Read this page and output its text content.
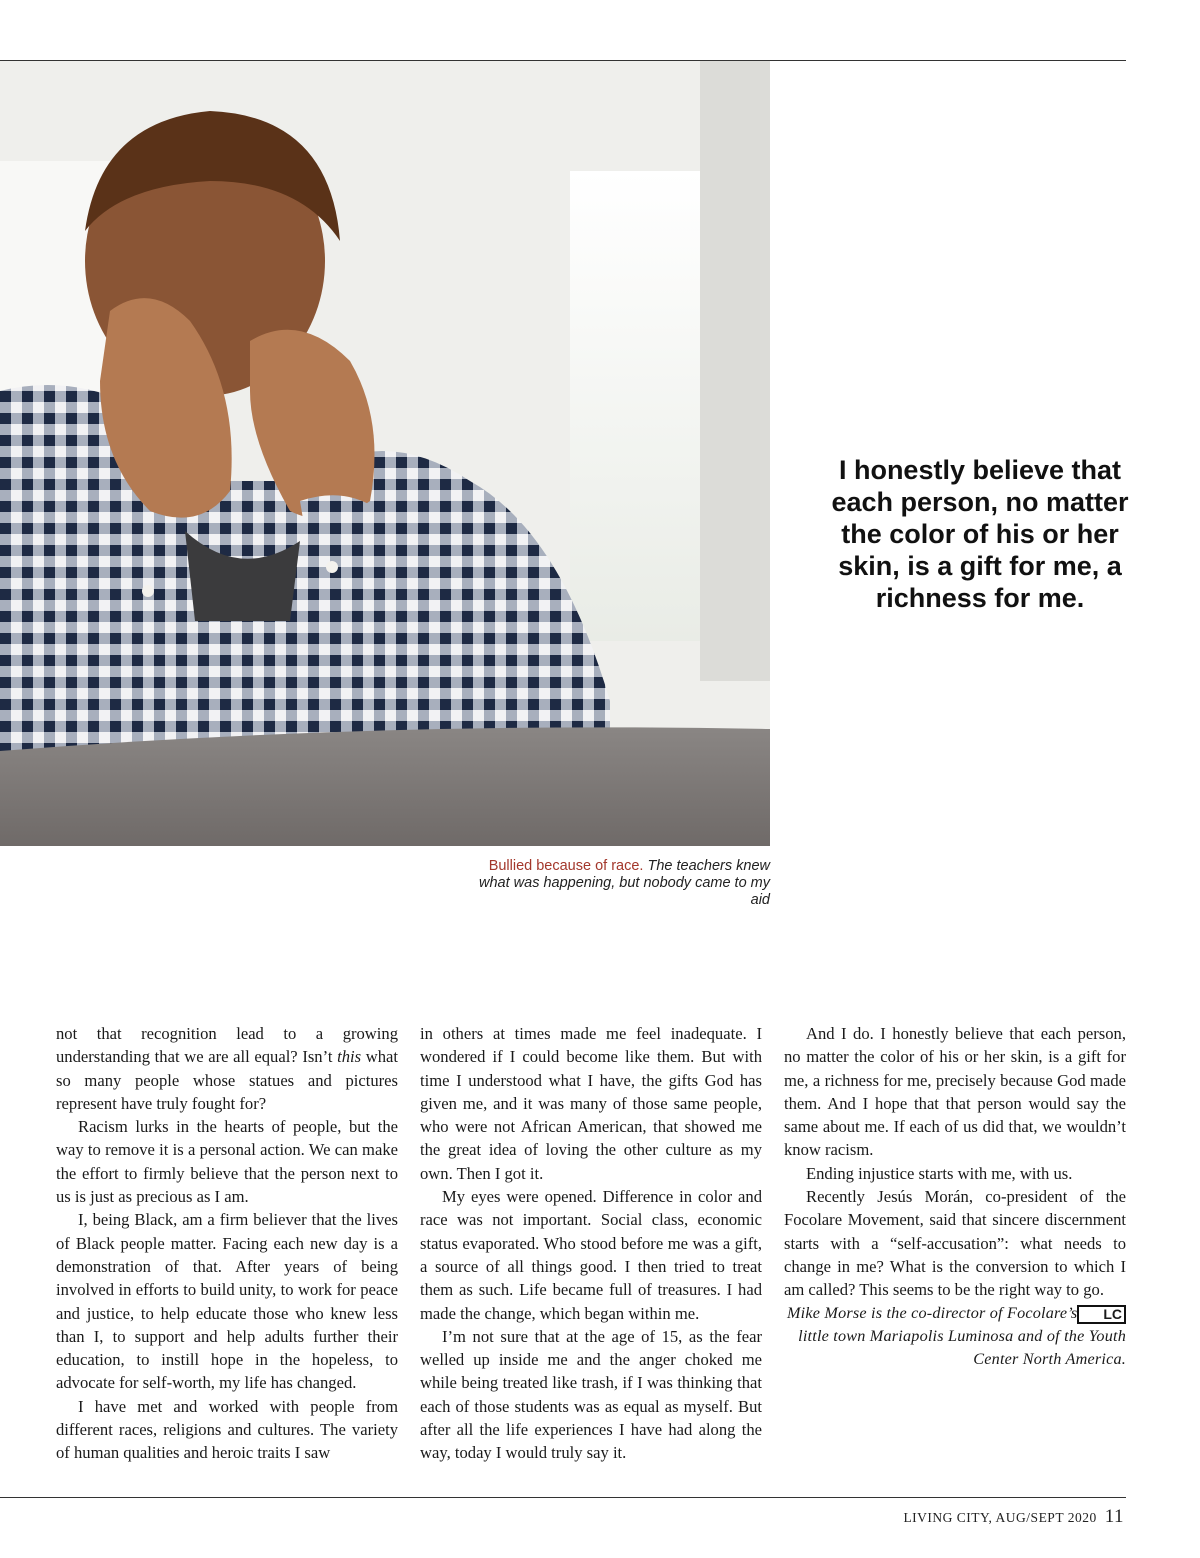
Bullied because of race. The teachers knew what was happening, but nobody came to my aid
I honestly believe that each person, no matter the color of his or her skin, is a gift for me, a richness for me.

not that recognition lead to a growing understanding that we are all equal? Isn’t this what so many people whose statues and pictures represent have truly fought for?

Racism lurks in the hearts of people, but the way to remove it is a personal action. We can make the effort to firmly believe that the person next to us is just as precious as I am.

I, being Black, am a firm believer that the lives of Black people matter. Facing each new day is a demonstration of that. After years of being involved in efforts to build unity, to work for peace and justice, to help educate those who knew less than I, to support and help adults further their education, to instill hope in the hopeless, to advocate for self-worth, my life has changed.

I have met and worked with people from different races, religions and cultures. The variety of human qualities and heroic traits I saw

in others at times made me feel inadequate. I wondered if I could become like them. But with time I understood what I have, the gifts God has given me, and it was many of those same people, who were not African American, that showed me the great idea of loving the other culture as my own. Then I got it.

My eyes were opened. Difference in color and race was not important. Social class, economic status evaporated. Who stood before me was a gift, a source of all things good. I then tried to treat them as such. Life became full of treasures. I had made the change, which began within me.

I’m not sure that at the age of 15, as the fear welled up inside me and the anger choked me while being treated like trash, if I was thinking that each of those students was as equal as myself. But after all the life experiences I have had along the way, today I would truly say it.

And I do. I honestly believe that each person, no matter the color of his or her skin, is a gift for me, a richness for me, precisely because God made them. And I hope that that person would say the same about me. If each of us did that, we wouldn’t know racism.

Ending injustice starts with me, with us.

Recently Jesús Morán, co-president of the Focolare Movement, said that sincere discernment starts with a “self-accusation”: what needs to change in me? What is the conversion to which I am called? This seems to be the right way to go.
LC

Mike Morse is the co-director of Focolare’s little town Mariapolis Luminosa and of the Youth Center North America.

LIVING CITY, AUG/SEPT 2020 11
